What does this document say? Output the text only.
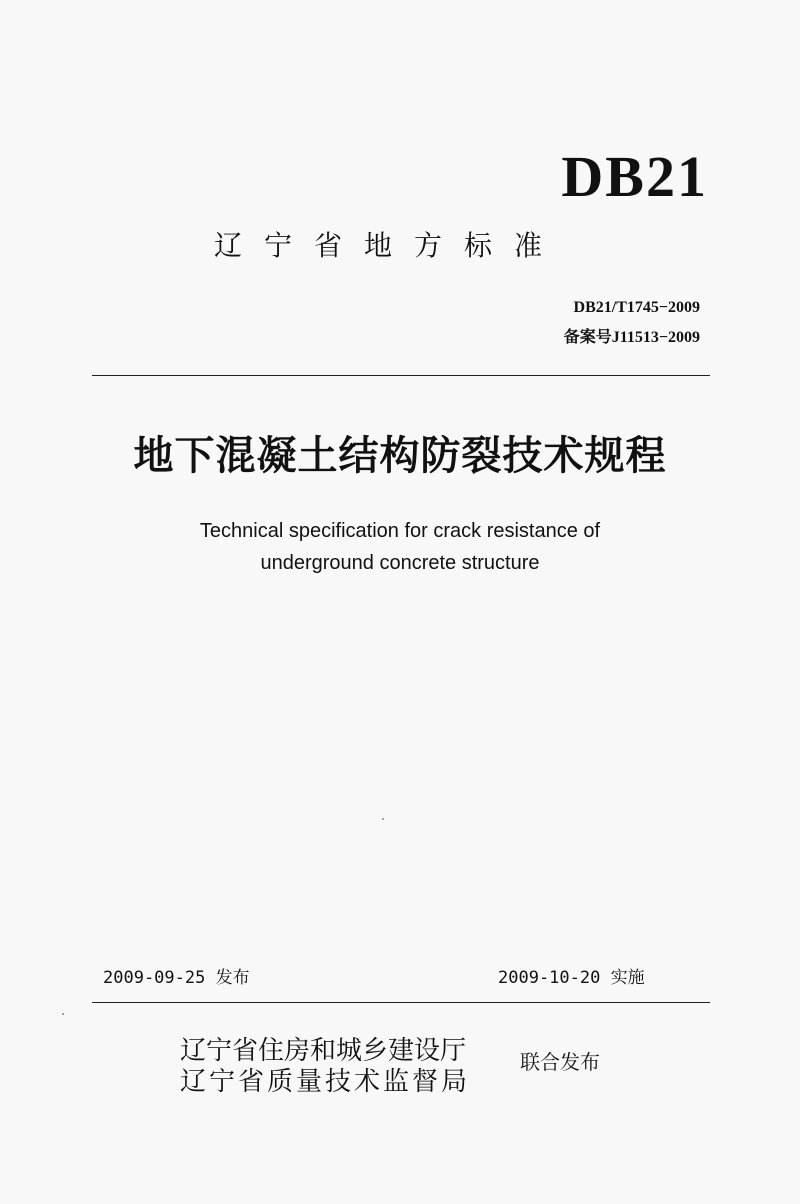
DB21
辽宁省地方标准
DB21/T1745−2009
备案号J11513−2009
地下混凝土结构防裂技术规程
Technical specification for crack resistance of
underground concrete structure
2009-09-25 发布	2009-10-20 实施
辽宁省住房和城乡建设厅
辽宁省质量技术监督局
联合发布
